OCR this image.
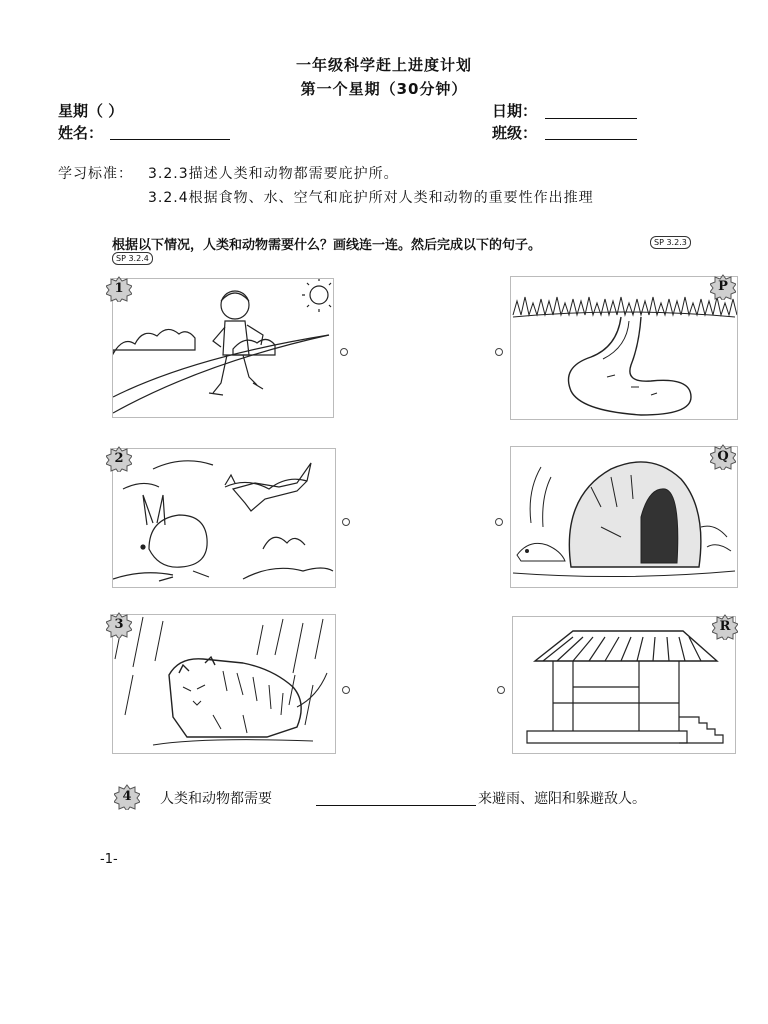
一年级科学赶上进度计划
第一个星期（30分钟）
星期（ ）	日期：
姓名：	班级：
学习标准： 3.2.3描述人类和动物都需要庇护所。
3.2.4根据食物、水、空气和庇护所对人类和动物的重要性作出推理
根据以下情况，人类和动物需要什么？画线连一连。然后完成以下的句子。	SP 3.2.3
SP 3.2.4
1
2
3
P
Q
R
4	人类和动物都需要	来避雨、遮阳和躲避敌人。
-1-
